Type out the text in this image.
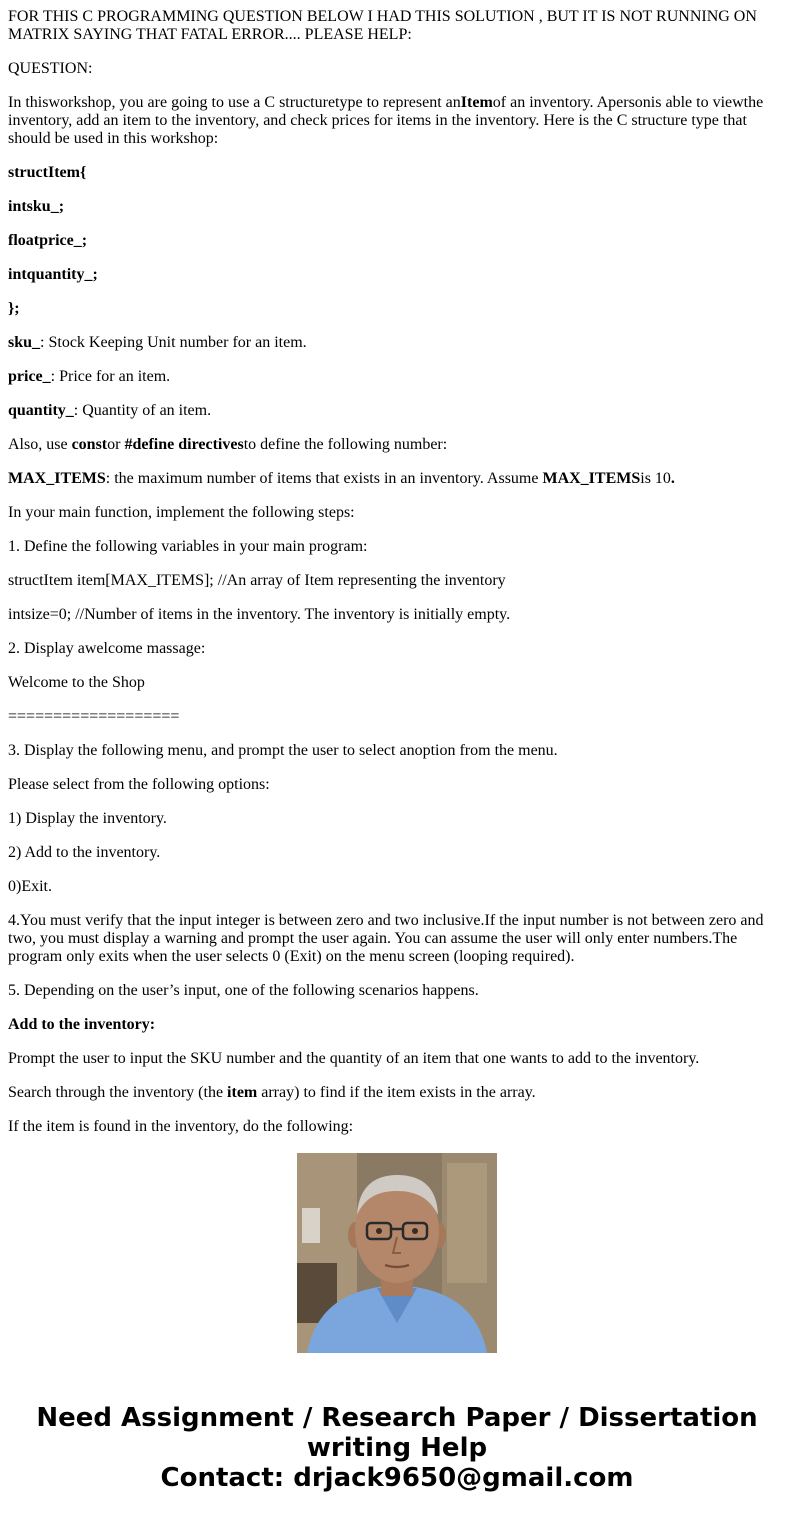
FOR THIS C PROGRAMMING QUESTION BELOW I HAD THIS SOLUTION , BUT IT IS NOT RUNNING ON MATRIX SAYING THAT FATAL ERROR.... PLEASE HELP:

QUESTION:

In thisworkshop, you are going to use a C structuretype to represent anItemof an inventory. Apersonis able to viewthe inventory, add an item to the inventory, and check prices for items in the inventory. Here is the C structure type that should be used in this workshop:

structItem{

intsku_;

floatprice_;

intquantity_;

};

sku_: Stock Keeping Unit number for an item.

price_: Price for an item.

quantity_: Quantity of an item.

Also, use constor #define directivesto define the following number:

MAX_ITEMS: the maximum number of items that exists in an inventory. Assume MAX_ITEMSis 10.

In your main function, implement the following steps:

1. Define the following variables in your main program:

structItem item[MAX_ITEMS]; //An array of Item representing the inventory

intsize=0; //Number of items in the inventory. The inventory is initially empty.

2. Display awelcome massage:

Welcome to the Shop

===================

3. Display the following menu, and prompt the user to select anoption from the menu.

Please select from the following options:

1) Display the inventory.

2) Add to the inventory.

0)Exit.

4.You must verify that the input integer is between zero and two inclusive.If the input number is not between zero and two, you must display a warning and prompt the user again. You can assume the user will only enter numbers.The program only exits when the user selects 0 (Exit) on the menu screen (looping required).

5. Depending on the user’s input, one of the following scenarios happens.

Add to the inventory:

Prompt the user to input the SKU number and the quantity of an item that one wants to add to the inventory.

Search through the inventory (the item array) to find if the item exists in the array.

If the item is found in the inventory, do the following:

Need Assignment / Research Paper / Dissertation
writing Help
Contact: drjack9650@gmail.com
